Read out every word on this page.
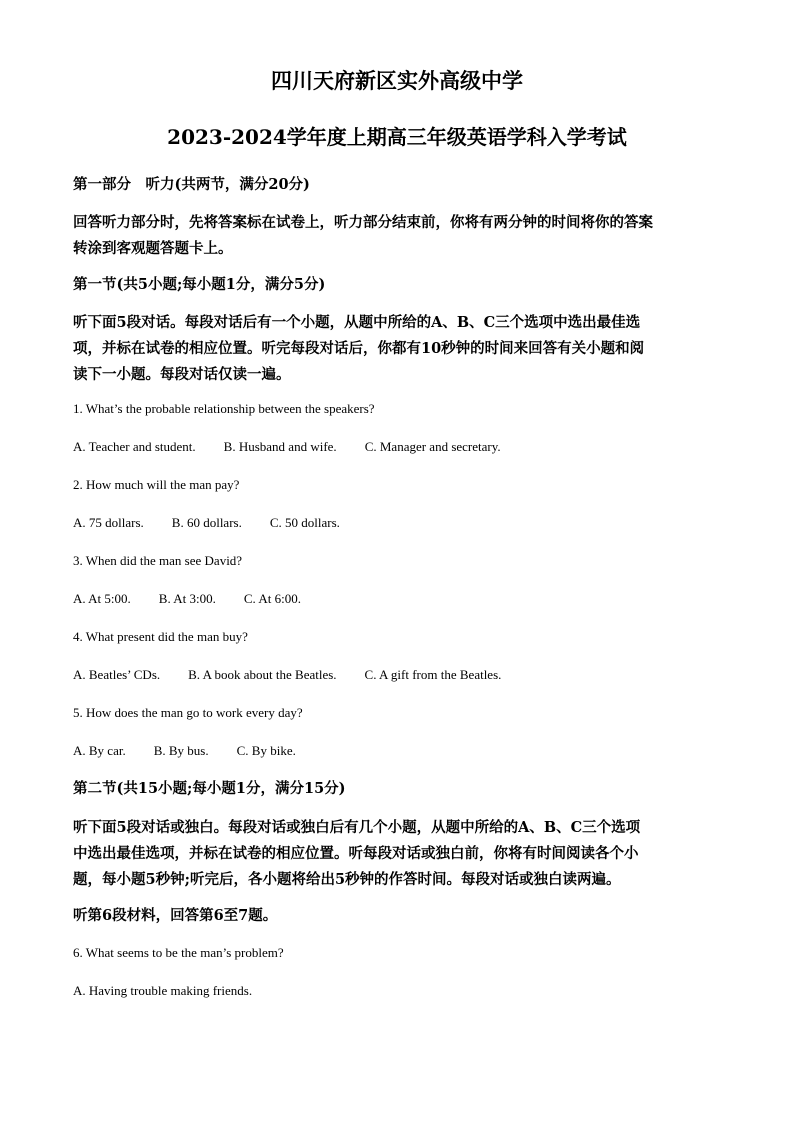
四川天府新区实外高级中学
2023-2024学年度上期高三年级英语学科入学考试
第一部分　听力(共两节，满分20分)
回答听力部分时，先将答案标在试卷上，听力部分结束前，你将有两分钟的时间将你的答案
转涂到客观题答题卡上。
第一节(共5小题;每小题1分，满分5分)
听下面5段对话。每段对话后有一个小题，从题中所给的A、B、C三个选项中选出最佳选
项，并标在试卷的相应位置。听完每段对话后，你都有10秒钟的时间来回答有关小题和阅
读下一小题。每段对话仅读一遍。
1. What’s the probable relationship between the speakers?
A. Teacher and student. B. Husband and wife. C. Manager and secretary.
2. How much will the man pay?
A. 75 dollars. B. 60 dollars. C. 50 dollars.
3. When did the man see David?
A. At 5:00. B. At 3:00. C. At 6:00.
4. What present did the man buy?
A. Beatles’ CDs. B. A book about the Beatles. C. A gift from the Beatles.
5. How does the man go to work every day?
A. By car. B. By bus. C. By bike.
第二节(共15小题;每小题1分，满分15分)
听下面5段对话或独白。每段对话或独白后有几个小题，从题中所给的A、B、C三个选项
中选出最佳选项，并标在试卷的相应位置。听每段对话或独白前，你将有时间阅读各个小
题，每小题5秒钟;听完后，各小题将给出5秒钟的作答时间。每段对话或独白读两遍。
听第6段材料，回答第6至7题。
6. What seems to be the man’s problem?
A. Having trouble making friends.
